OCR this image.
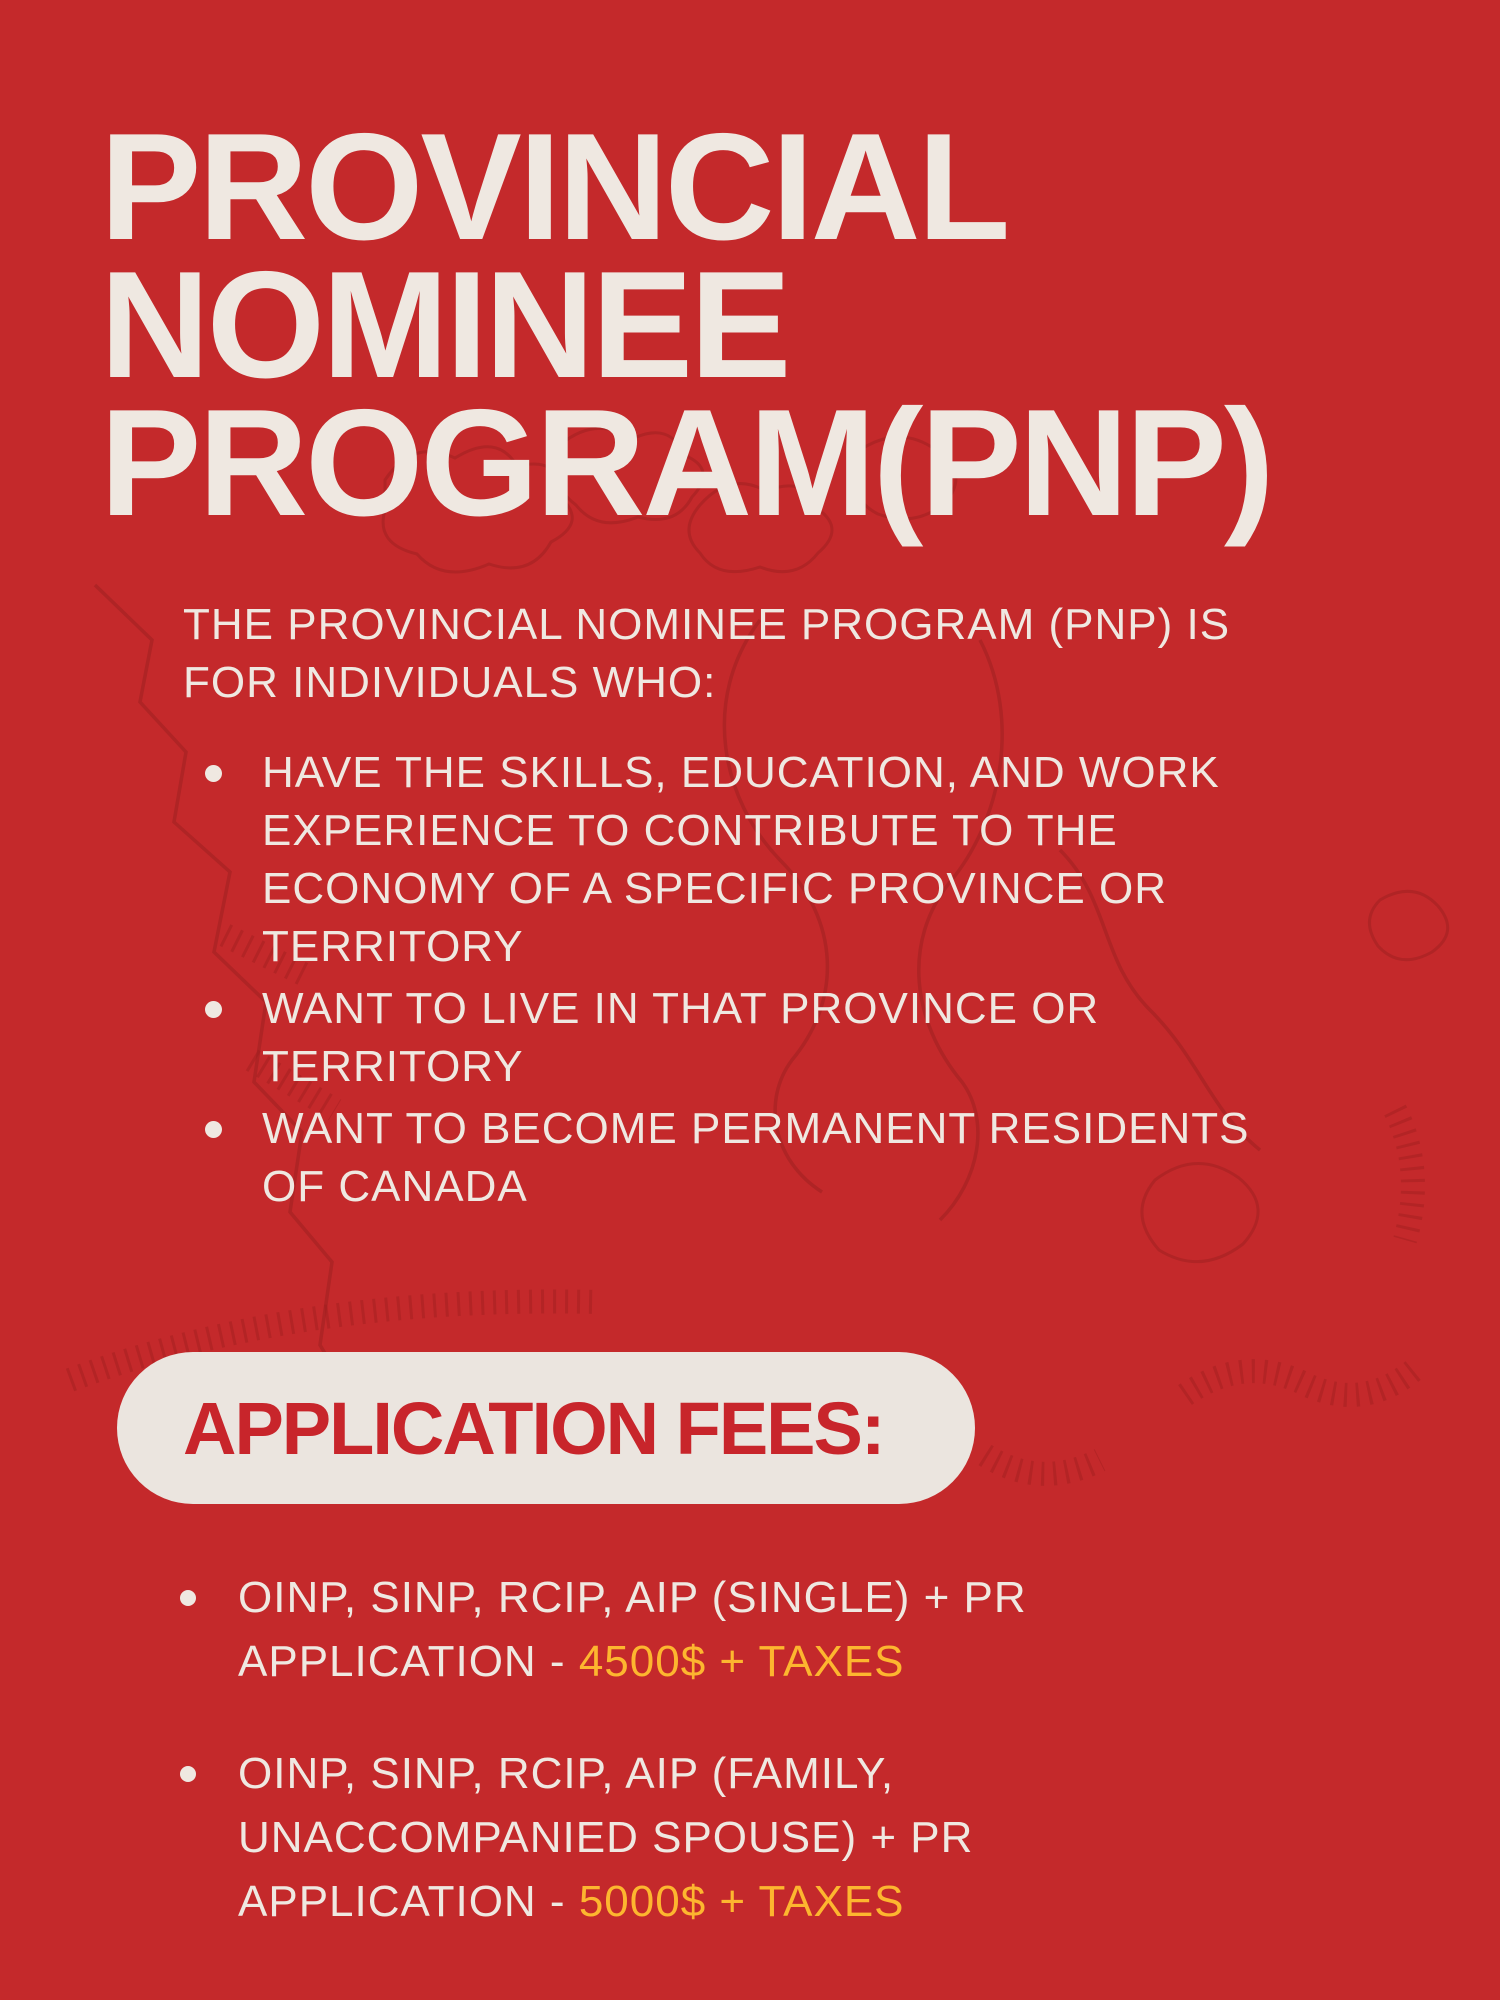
PROVINCIAL
NOMINEE
PROGRAM(PNP)
THE PROVINCIAL NOMINEE PROGRAM (PNP) IS
FOR INDIVIDUALS WHO:
HAVE THE SKILLS, EDUCATION, AND WORK
EXPERIENCE TO CONTRIBUTE TO THE
ECONOMY OF A SPECIFIC PROVINCE OR
TERRITORY
WANT TO LIVE IN THAT PROVINCE OR
TERRITORY
WANT TO BECOME PERMANENT RESIDENTS
OF CANADA
APPLICATION FEES:
OINP, SINP, RCIP, AIP (SINGLE) + PR
APPLICATION - 4500$ + TAXES
OINP, SINP, RCIP, AIP (FAMILY,
UNACCOMPANIED SPOUSE) + PR
APPLICATION - 5000$ + TAXES
